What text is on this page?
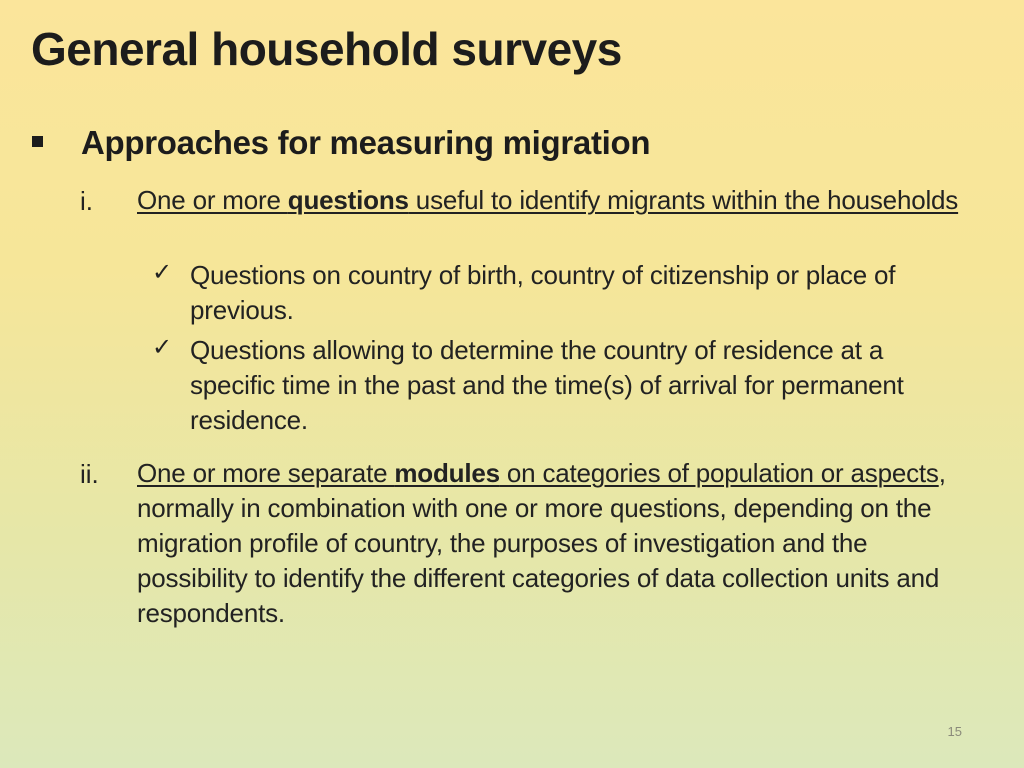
General household surveys
Approaches for measuring migration
i. One or more questions useful to identify migrants within the households
✓ Questions on country of birth, country of citizenship or place of previous.
✓ Questions allowing to determine the country of residence at a specific time in the past and the time(s) of arrival for permanent residence.
ii. One or more separate modules on categories of population or aspects, normally in combination with one or more questions, depending on the migration profile of country, the purposes of investigation and the possibility to identify the different categories of data collection units and respondents.
15
